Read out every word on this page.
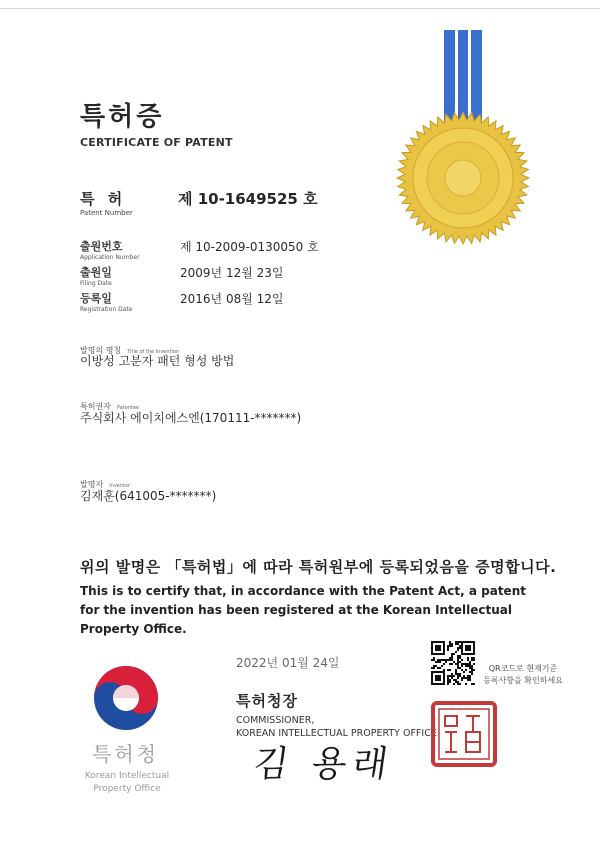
특허증
CERTIFICATE OF PATENT
특 허
Patent Number
제 10-1649525 호
출원번호
Application Number
제 10-2009-0130050 호
출원일
Filing Date
2009년 12월 23일
등록일
Registration Date
2016년 08월 12일
발명의 명칭 Title of the Invention
이방성 고분자 패턴 형성 방법
특허권자 Patentee
주식회사 에이치에스엔(170111-*******)
발명자 Inventor
김재훈(641005-*******)
위의 발명은 「특허법」에 따라 특허원부에 등록되었음을 증명합니다.
This is to certify that, in accordance with the Patent Act, a patent for the invention has been registered at the Korean Intellectual Property Office.
특허청
Korean Intellectual
Property Office
2022년 01월 24일
특허청장
COMMISSIONER,
KOREAN INTELLECTUAL PROPERTY OFFICE
김 용래
QR코드로 현재기준
등록사항을 확인하세요
